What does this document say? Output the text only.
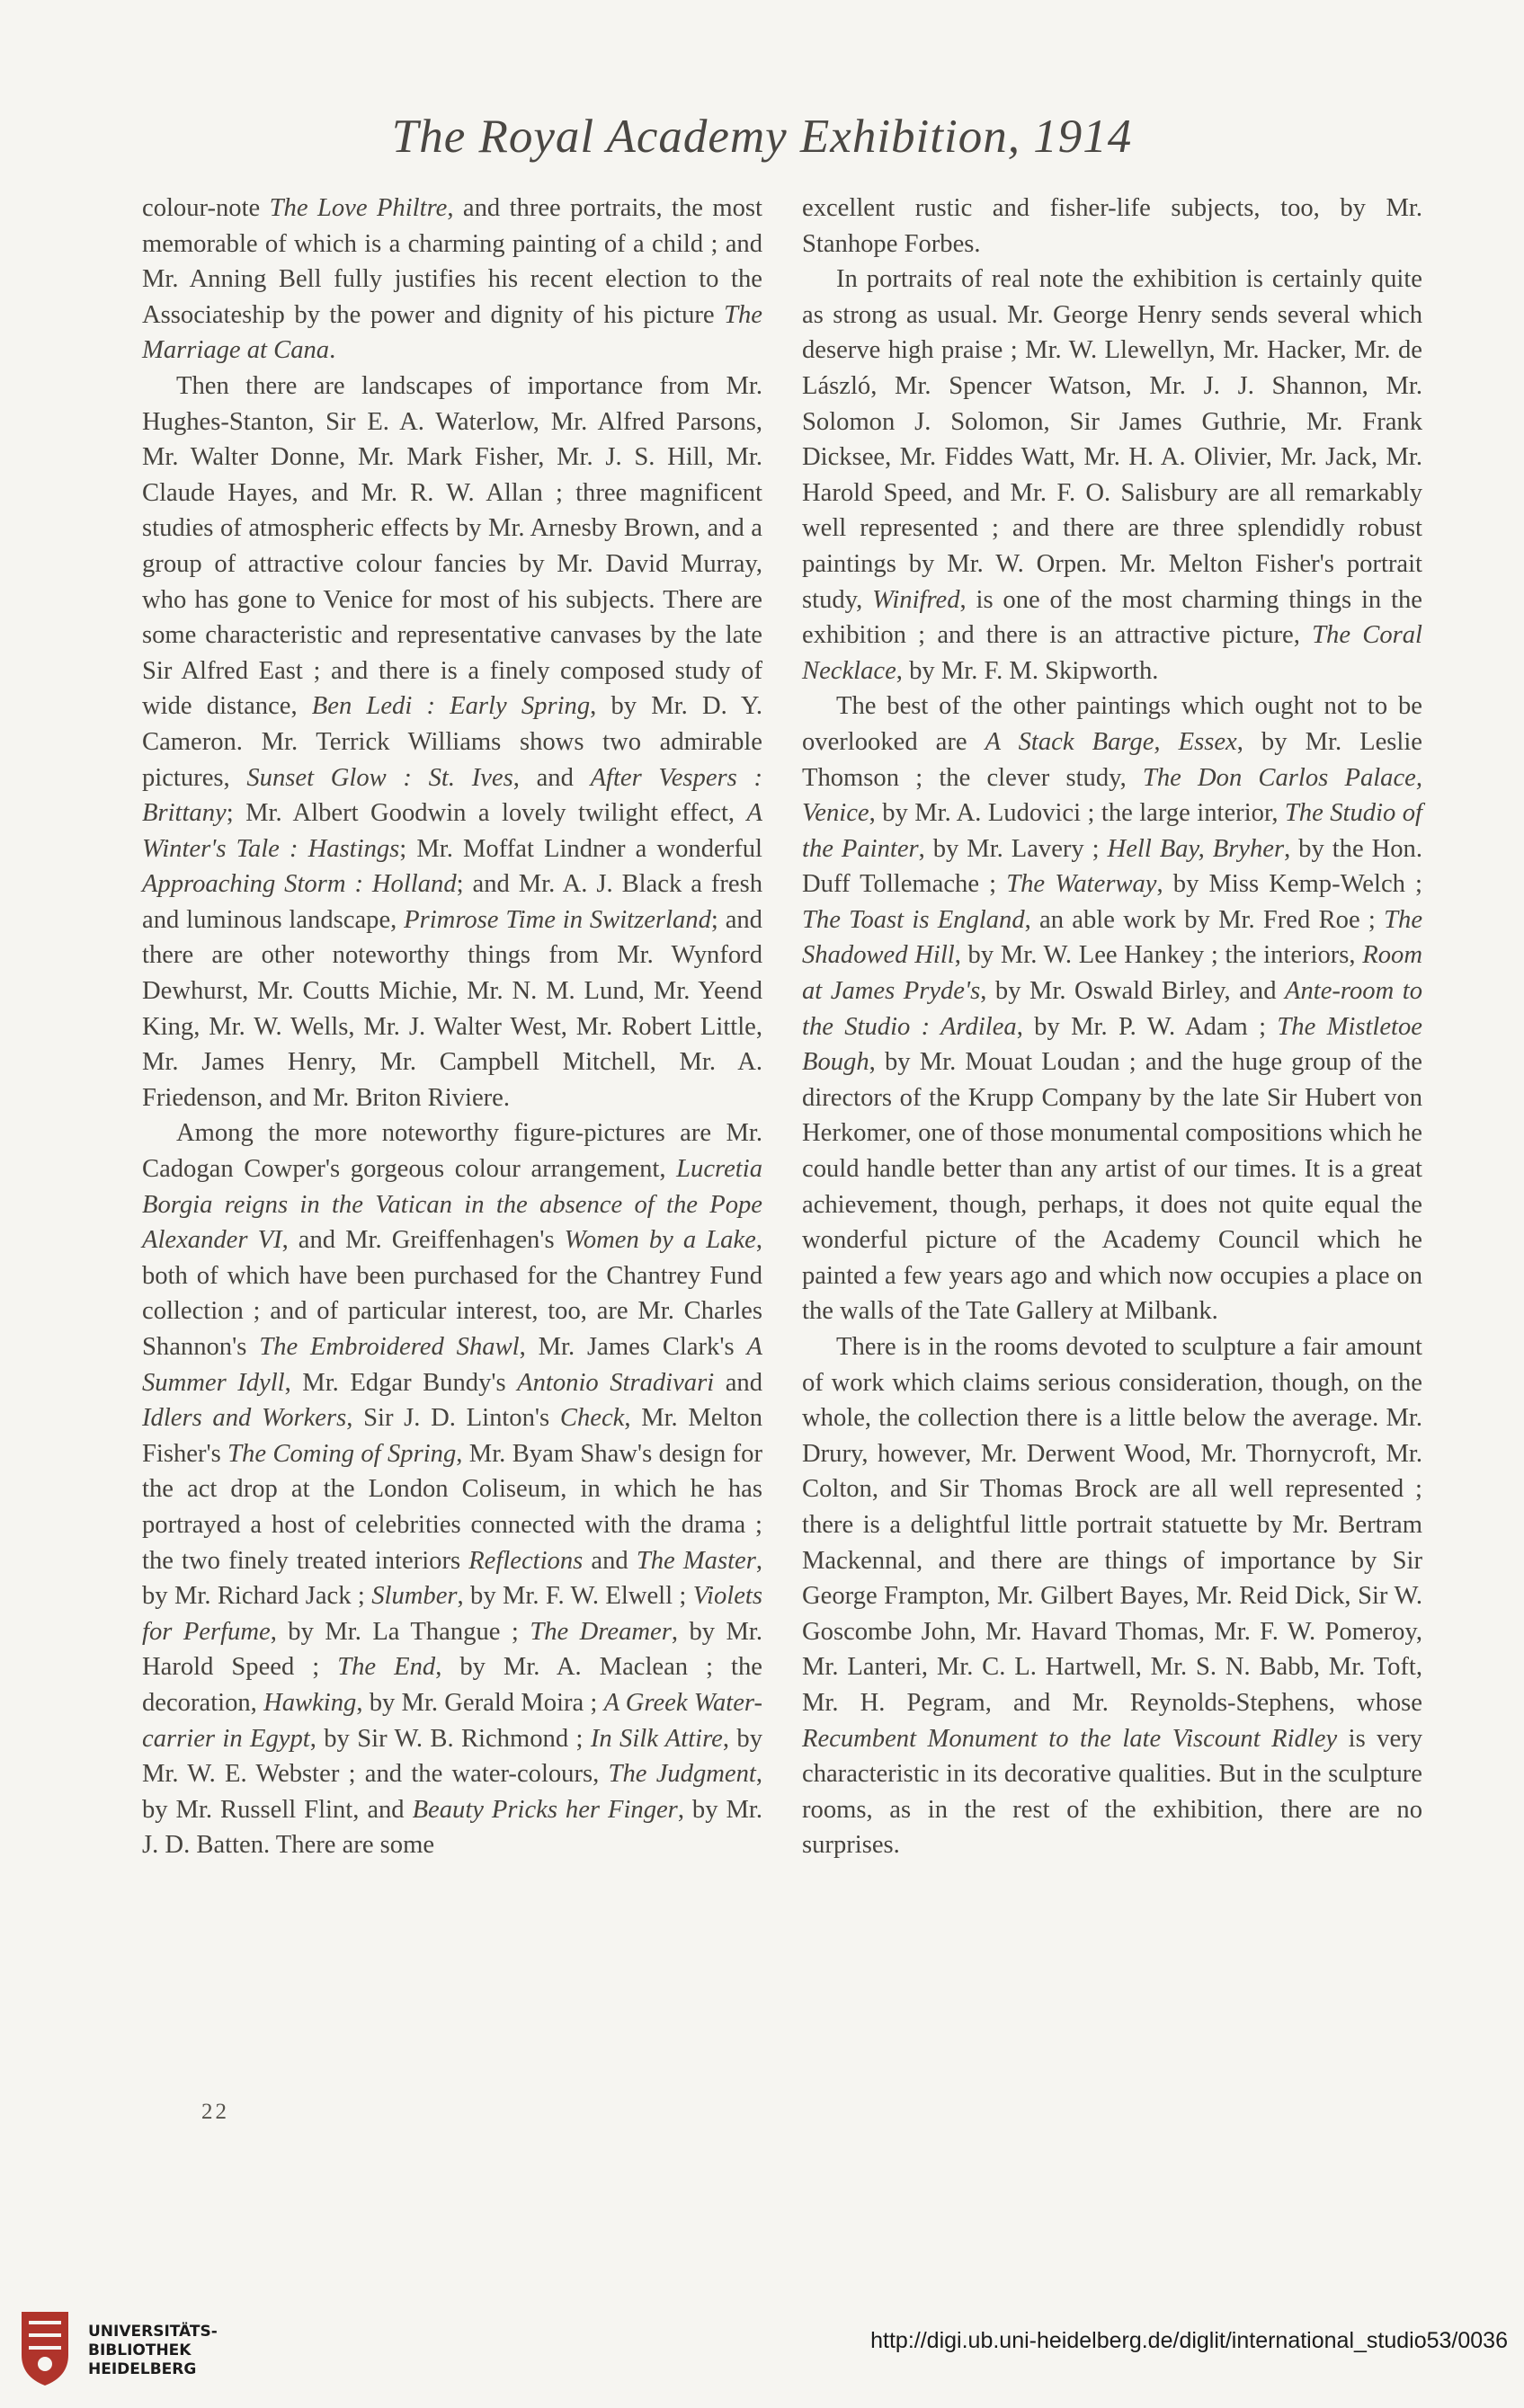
The Royal Academy Exhibition, 1914

colour-note The Love Philtre, and three portraits, the most memorable of which is a charming painting of a child ; and Mr. Anning Bell fully justifies his recent election to the Associateship by the power and dignity of his picture The Marriage at Cana.

Then there are landscapes of importance from Mr. Hughes-Stanton, Sir E. A. Waterlow, Mr. Alfred Parsons, Mr. Walter Donne, Mr. Mark Fisher, Mr. J. S. Hill, Mr. Claude Hayes, and Mr. R. W. Allan ; three magnificent studies of atmospheric effects by Mr. Arnesby Brown, and a group of attractive colour fancies by Mr. David Murray, who has gone to Venice for most of his subjects. There are some characteristic and representative canvases by the late Sir Alfred East ; and there is a finely composed study of wide distance, Ben Ledi : Early Spring, by Mr. D. Y. Cameron. Mr. Terrick Williams shows two admirable pictures, Sunset Glow : St. Ives, and After Vespers : Brittany; Mr. Albert Goodwin a lovely twilight effect, A Winter's Tale : Hastings; Mr. Moffat Lindner a wonderful Approaching Storm : Holland; and Mr. A. J. Black a fresh and luminous landscape, Primrose Time in Switzerland; and there are other noteworthy things from Mr. Wynford Dewhurst, Mr. Coutts Michie, Mr. N. M. Lund, Mr. Yeend King, Mr. W. Wells, Mr. J. Walter West, Mr. Robert Little, Mr. James Henry, Mr. Campbell Mitchell, Mr. A. Friedenson, and Mr. Briton Riviere.

Among the more noteworthy figure-pictures are Mr. Cadogan Cowper's gorgeous colour arrangement, Lucretia Borgia reigns in the Vatican in the absence of the Pope Alexander VI, and Mr. Greiffenhagen's Women by a Lake, both of which have been purchased for the Chantrey Fund collection ; and of particular interest, too, are Mr. Charles Shannon's The Embroidered Shawl, Mr. James Clark's A Summer Idyll, Mr. Edgar Bundy's Antonio Stradivari and Idlers and Workers, Sir J. D. Linton's Check, Mr. Melton Fisher's The Coming of Spring, Mr. Byam Shaw's design for the act drop at the London Coliseum, in which he has portrayed a host of celebrities connected with the drama ; the two finely treated interiors Reflections and The Master, by Mr. Richard Jack ; Slumber, by Mr. F. W. Elwell ; Violets for Perfume, by Mr. La Thangue ; The Dreamer, by Mr. Harold Speed ; The End, by Mr. A. Maclean ; the decoration, Hawking, by Mr. Gerald Moira ; A Greek Water-carrier in Egypt, by Sir W. B. Richmond ; In Silk Attire, by Mr. W. E. Webster ; and the water-colours, The Judgment, by Mr. Russell Flint, and Beauty Pricks her Finger, by Mr. J. D. Batten. There are some

excellent rustic and fisher-life subjects, too, by Mr. Stanhope Forbes.

In portraits of real note the exhibition is certainly quite as strong as usual. Mr. George Henry sends several which deserve high praise ; Mr. W. Llewellyn, Mr. Hacker, Mr. de László, Mr. Spencer Watson, Mr. J. J. Shannon, Mr. Solomon J. Solomon, Sir James Guthrie, Mr. Frank Dicksee, Mr. Fiddes Watt, Mr. H. A. Olivier, Mr. Jack, Mr. Harold Speed, and Mr. F. O. Salisbury are all remarkably well represented ; and there are three splendidly robust paintings by Mr. W. Orpen. Mr. Melton Fisher's portrait study, Winifred, is one of the most charming things in the exhibition ; and there is an attractive picture, The Coral Necklace, by Mr. F. M. Skipworth.

The best of the other paintings which ought not to be overlooked are A Stack Barge, Essex, by Mr. Leslie Thomson ; the clever study, The Don Carlos Palace, Venice, by Mr. A. Ludovici ; the large interior, The Studio of the Painter, by Mr. Lavery ; Hell Bay, Bryher, by the Hon. Duff Tollemache ; The Waterway, by Miss Kemp-Welch ; The Toast is England, an able work by Mr. Fred Roe ; The Shadowed Hill, by Mr. W. Lee Hankey ; the interiors, Room at James Pryde's, by Mr. Oswald Birley, and Ante-room to the Studio : Ardilea, by Mr. P. W. Adam ; The Mistletoe Bough, by Mr. Mouat Loudan ; and the huge group of the directors of the Krupp Company by the late Sir Hubert von Herkomer, one of those monumental compositions which he could handle better than any artist of our times. It is a great achievement, though, perhaps, it does not quite equal the wonderful picture of the Academy Council which he painted a few years ago and which now occupies a place on the walls of the Tate Gallery at Milbank.

There is in the rooms devoted to sculpture a fair amount of work which claims serious consideration, though, on the whole, the collection there is a little below the average. Mr. Drury, however, Mr. Derwent Wood, Mr. Thornycroft, Mr. Colton, and Sir Thomas Brock are all well represented ; there is a delightful little portrait statuette by Mr. Bertram Mackennal, and there are things of importance by Sir George Frampton, Mr. Gilbert Bayes, Mr. Reid Dick, Sir W. Goscombe John, Mr. Havard Thomas, Mr. F. W. Pomeroy, Mr. Lanteri, Mr. C. L. Hartwell, Mr. S. N. Babb, Mr. Toft, Mr. H. Pegram, and Mr. Reynolds-Stephens, whose Recumbent Monument to the late Viscount Ridley is very characteristic in its decorative qualities. But in the sculpture rooms, as in the rest of the exhibition, there are no surprises.

22
UNIVERSITÄTS-
BIBLIOTHEK
HEIDELBERG
http://digi.ub.uni-heidelberg.de/diglit/international_studio53/0036
